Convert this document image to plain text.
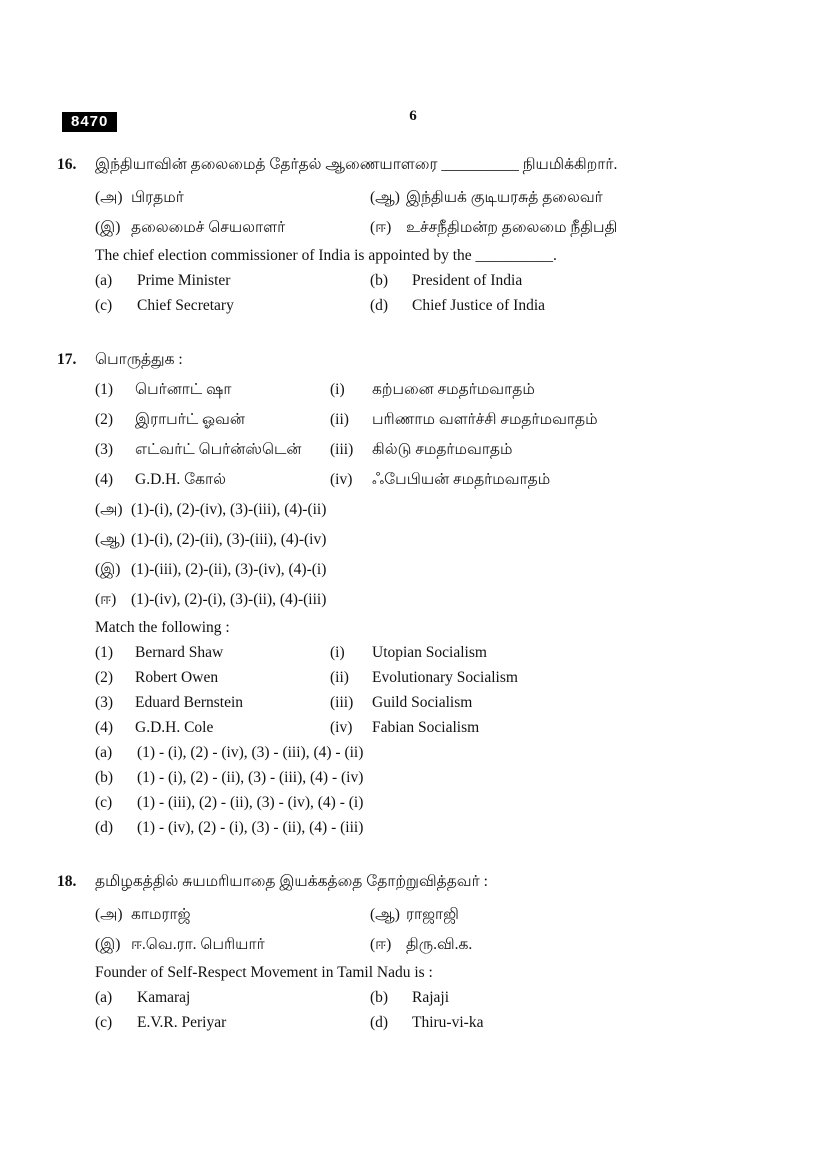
8470	6
16.	இந்தியாவின் தலைமைத் தேர்தல் ஆணையாளரை __________ நியமிக்கிறார்.

(அ) பிரதமர்	(ஆ) இந்தியக் குடியரசுத் தலைவர்
(இ) தலைமைச் செயலாளர்	(ஈ) உச்சநீதிமன்ற தலைமை நீதிபதி

The chief election commissioner of India is appointed by the __________.

(a)	Prime Minister	(b)	President of India
(c)	Chief Secretary	(d)	Chief Justice of India
17.	பொருத்துக :

(1)	பெர்னாட் ஷா	(i)	கற்பனை சமதர்மவாதம்
(2)	இராபர்ட் ஓவன்	(ii)	பரிணாம வளர்ச்சி சமதர்மவாதம்
(3)	எட்வர்ட் பெர்ன்ஸ்டென்	(iii)	கில்டு சமதர்மவாதம்
(4)	G.D.H. கோல்	(iv)	ஃபேபியன் சமதர்மவாதம்
(அ) (1)-(i), (2)-(iv), (3)-(iii), (4)-(ii)
(ஆ) (1)-(i), (2)-(ii), (3)-(iii), (4)-(iv)
(இ) (1)-(iii), (2)-(ii), (3)-(iv), (4)-(i)
(ஈ) (1)-(iv), (2)-(i), (3)-(ii), (4)-(iii)

Match the following :

(1)	Bernard Shaw	(i)	Utopian Socialism
(2)	Robert Owen	(ii)	Evolutionary Socialism
(3)	Eduard Bernstein	(iii)	Guild Socialism
(4)	G.D.H. Cole	(iv)	Fabian Socialism
(a)	(1) - (i), (2) - (iv), (3) - (iii), (4) - (ii)
(b)	(1) - (i), (2) - (ii), (3) - (iii), (4) - (iv)
(c)	(1) - (iii), (2) - (ii), (3) - (iv), (4) - (i)
(d)	(1) - (iv), (2) - (i), (3) - (ii), (4) - (iii)
18.	தமிழகத்தில் சுயமரியாதை இயக்கத்தை தோற்றுவித்தவர் :

(அ) காமராஜ்	(ஆ) ராஜாஜி
(இ) ஈ.வெ.ரா. பெரியார்	(ஈ) திரு.வி.க.

Founder of Self-Respect Movement in Tamil Nadu is :

(a)	Kamaraj	(b)	Rajaji
(c)	E.V.R. Periyar	(d)	Thiru-vi-ka
